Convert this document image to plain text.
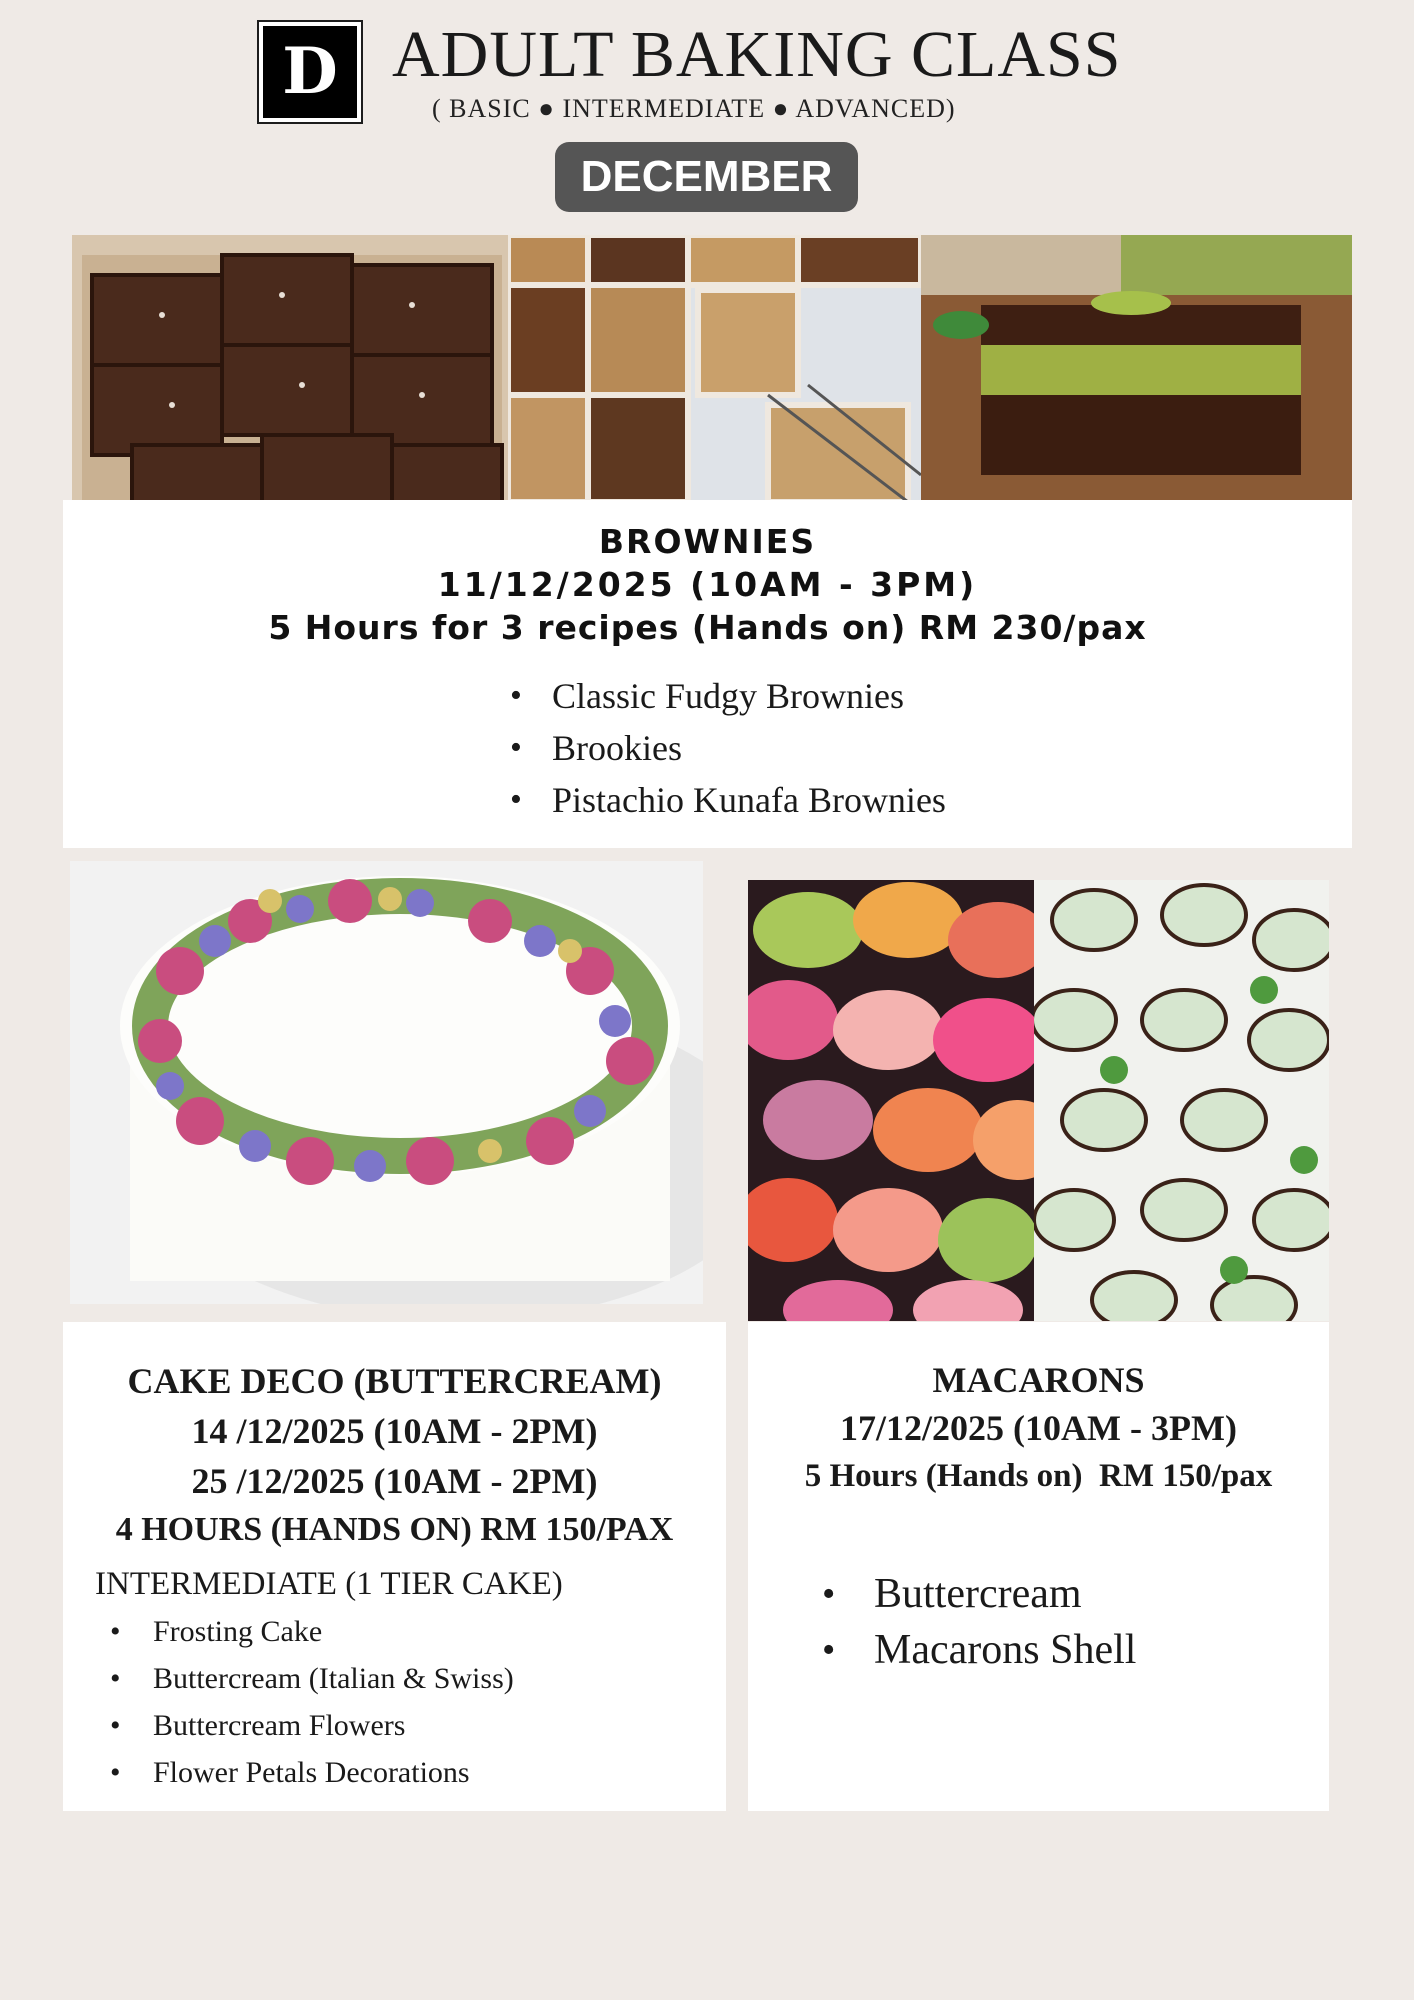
D ADULT BAKING CLASS
( BASIC ● INTERMEDIATE ● ADVANCED)
DECEMBER
BROWNIES
11/12/2025 (10AM - 3PM)
5 Hours for 3 recipes (Hands on) RM 230/pax
• Classic Fudgy Brownies
• Brookies
• Pistachio Kunafa Brownies
CAKE DECO (BUTTERCREAM)
14 /12/2025 (10AM - 2PM)
25 /12/2025 (10AM - 2PM)
4 HOURS (HANDS ON) RM 150/PAX
INTERMEDIATE (1 TIER CAKE)
• Frosting Cake
• Buttercream (Italian & Swiss)
• Buttercream Flowers
• Flower Petals Decorations
MACARONS
17/12/2025 (10AM - 3PM)
5 Hours (Hands on)  RM 150/pax
• Buttercream
• Macarons Shell
